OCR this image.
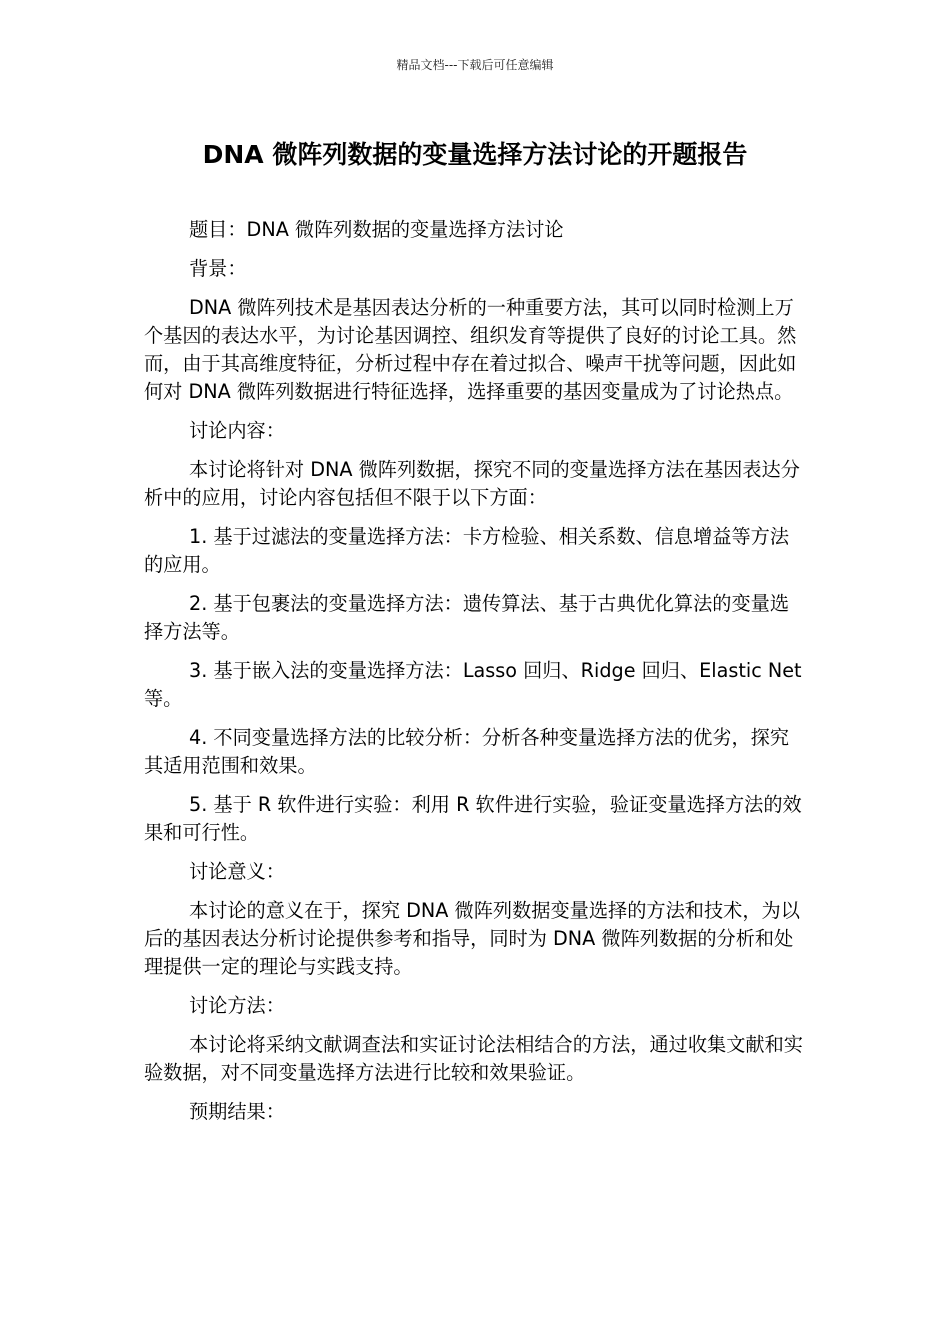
精品文档---下载后可任意编辑
DNA 微阵列数据的变量选择方法讨论的开题报告

题目：DNA 微阵列数据的变量选择方法讨论

背景：

DNA 微阵列技术是基因表达分析的一种重要方法，其可以同时检测上万个基因的表达水平，为讨论基因调控、组织发育等提供了良好的讨论工具。然而，由于其高维度特征，分析过程中存在着过拟合、噪声干扰等问题，因此如何对 DNA 微阵列数据进行特征选择，选择重要的基因变量成为了讨论热点。

讨论内容：

本讨论将针对 DNA 微阵列数据，探究不同的变量选择方法在基因表达分析中的应用，讨论内容包括但不限于以下方面：

1. 基于过滤法的变量选择方法：卡方检验、相关系数、信息增益等方法的应用。

2. 基于包裹法的变量选择方法：遗传算法、基于古典优化算法的变量选择方法等。

3. 基于嵌入法的变量选择方法：Lasso 回归、Ridge 回归、Elastic Net 等。

4. 不同变量选择方法的比较分析：分析各种变量选择方法的优劣，探究其适用范围和效果。

5. 基于 R 软件进行实验：利用 R 软件进行实验，验证变量选择方法的效果和可行性。

讨论意义：

本讨论的意义在于，探究 DNA 微阵列数据变量选择的方法和技术，为以后的基因表达分析讨论提供参考和指导，同时为 DNA 微阵列数据的分析和处理提供一定的理论与实践支持。

讨论方法：

本讨论将采纳文献调查法和实证讨论法相结合的方法，通过收集文献和实验数据，对不同变量选择方法进行比较和效果验证。

预期结果：
